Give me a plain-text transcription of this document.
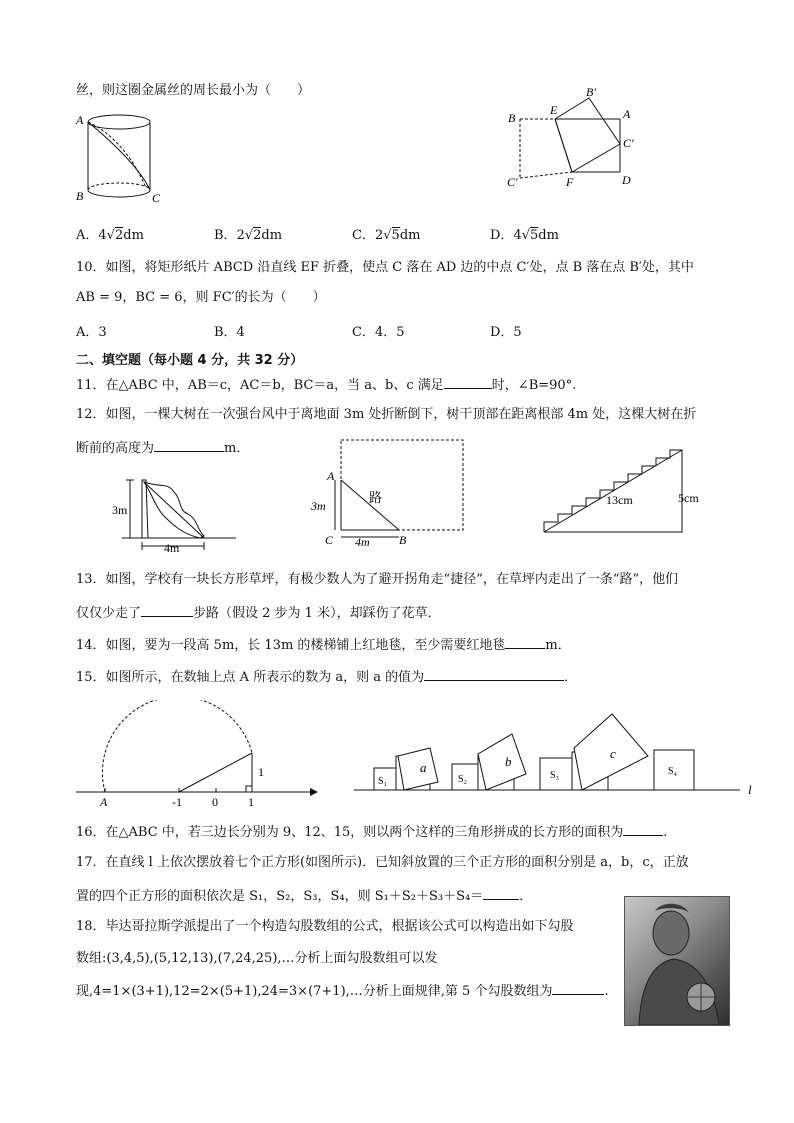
丝，则这圈金属丝的周长最小为（　　）
A
B	C
B
E
B′
A
C′
C′	F	D
A．4√2dm	B．2√2dm	C．2√5dm	D．4√5dm
10．如图，将矩形纸片 ABCD 沿直线 EF 折叠，使点 C 落在 AD 边的中点 C′处，点 B 落在点 B′处，其中
AB = 9，BC = 6，则 FC′的长为（　　）
A．3	B．4	C．4．5	D．5
二、填空题（每小题 4 分，共 32 分）
11．在△ABC 中，AB＝c，AC＝b，BC＝a，当 a、b、c 满足	时，∠B=90°.
12．如图，一棵大树在一次强台风中于离地面 3m 处折断倒下，树干顶部在距离根部 4m 处，这棵大树在折
断前的高度为	m．
3m
4m
A
C	B
3m
4m
路	13cm	5cm
13．如图，学校有一块长方形草坪，有极少数人为了避开拐角走“捷径”，在草坪内走出了一条“路”，他们
仅仅少走了	步路（假设 2 步为 1 米），却踩伤了花草．
14．如图，要为一段高 5m，长 13m 的楼梯铺上红地毯，至少需要红地毯	m．
15．如图所示，在数轴上点 A 所表示的数为 a，则 a 的值为	．
A	-1	0	1
1
S₁	S₂	S₃	S₄
a	b
c
l
16．在△ABC 中，若三边长分别为 9、12、15，则以两个这样的三角形拼成的长方形的面积为	.
17．在直线 l 上依次摆放着七个正方形(如图所示)．已知斜放置的三个正方形的面积分别是 a，b，c，正放
置的四个正方形的面积依次是 S₁，S₂，S₃，S₄，则 S₁＋S₂＋S₃＋S₄＝	．
18．毕达哥拉斯学派提出了一个构造勾股数组的公式，根据该公式可以构造出如下勾股
数组:(3,4,5),(5,12,13),(7,24,25),…分析上面勾股数组可以发
现,4=1×(3+1),12=2×(5+1),24=3×(7+1),…分析上面规律,第 5 个勾股数组为	.
